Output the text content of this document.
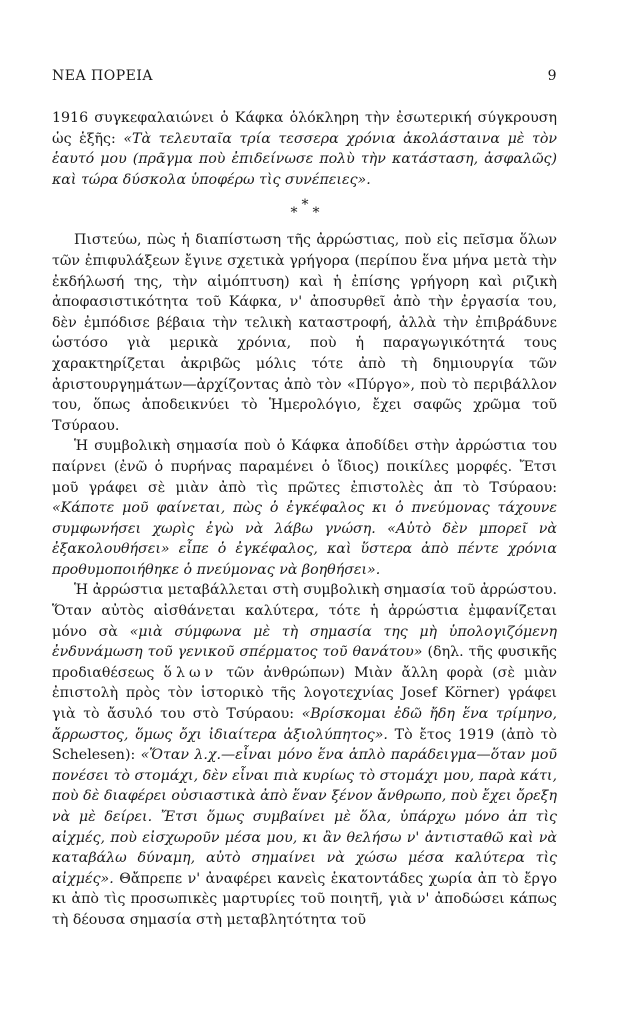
ΝΕΑ ΠΟΡΕΙΑ	9

1916 συγκεφαλαιώνει ὁ Κάφκα ὁλόκληρη τὴν ἐσωτερική σύγκρουση ὡς ἑξῆς: «Τὰ τελευταῖα τρία τεσσερα χρόνια ἀκολάσταινα μὲ τὸν ἑαυτό μου (πρᾶγμα ποὺ ἐπιδείνωσε πολὺ τὴν κατάσταση, ἀσφαλῶς) καὶ τώρα δύσκολα ὑποφέρω τὶς συνέπειες».

* * *

Πιστεύω, πὼς ἡ διαπίστωση τῆς ἀρρώστιας, ποὺ εἰς πεῖσμα ὅλων τῶν ἐπιφυλάξεων ἔγινε σχετικὰ γρήγορα (περίπου ἕνα μήνα μετὰ τὴν ἐκδήλωσή της, τὴν αἱμόπτυση) καὶ ἡ ἐπίσης γρήγορη καὶ ριζικὴ ἀποφασιστικότητα τοῦ Κάφκα, ν' ἀποσυρθεῖ ἀπὸ τὴν ἐργασία του, δὲν ἐμπόδισε βέβαια τὴν τελικὴ καταστροφή, ἀλλὰ τὴν ἐπιβράδυνε ὡστόσο γιὰ μερικὰ χρόνια, ποὺ ἡ παραγωγικότητά τους χαρακτηρίζεται ἀκριβῶς μόλις τότε ἀπὸ τὴ δημιουργία τῶν ἀριστουργημάτων—ἀρχίζοντας ἀπὸ τὸν «Πύργο», ποὺ τὸ περιβάλλον του, ὅπως ἀποδεικνύει τὸ Ἡμερολόγιο, ἔχει σαφῶς χρῶμα τοῦ Τσύραου.

Ἡ συμβολικὴ σημασία ποὺ ὁ Κάφκα ἀποδίδει στὴν ἀρρώστια του παίρνει (ἐνῶ ὁ πυρήνας παραμένει ὁ ἴδιος) ποικίλες μορφές. Ἔτσι μοῦ γράφει σὲ μιὰν ἀπὸ τὶς πρῶτες ἐπιστολὲς ἀπ τὸ Τσύραου: «Κάποτε μοῦ φαίνεται, πὼς ὁ ἐγκέφαλος κι ὁ πνεύμονας τάχουνε συμφωνήσει χωρὶς ἐγὼ νὰ λάβω γνώση. «Αὐτὸ δὲν μπορεῖ νὰ ἐξακολουθήσει» εἶπε ὁ ἐγκέφαλος, καὶ ὕστερα ἀπὸ πέντε χρόνια προθυμοποιήθηκε ὁ πνεύμονας νὰ βοηθήσει».

Ἡ ἀρρώστια μεταβάλλεται στὴ συμβολικὴ σημασία τοῦ ἀρρώστου. Ὅταν αὐτὸς αἰσθάνεται καλύτερα, τότε ἡ ἀρρώστια ἐμφανίζεται μόνο σὰ «μιὰ σύμφωνα μὲ τὴ σημασία της μὴ ὑπολογιζόμενη ἐνδυνάμωση τοῦ γενικοῦ σπέρματος τοῦ θανάτου» (δηλ. τῆς φυσικῆς προδιαθέσεως ὅλων τῶν ἀνθρώπων) Μιὰν ἄλλη φορὰ (σὲ μιὰν ἐπιστολὴ πρὸς τὸν ἱστορικὸ τῆς λογοτεχνίας Josef Körner) γράφει γιὰ τὸ ἄσυλό του στὸ Τσύραου: «Βρίσκομαι ἐδῶ ἤδη ἕνα τρίμηνο, ἄρρωστος, ὅμως ὄχι ἰδιαίτερα ἀξιολύπητος». Τὸ ἔτος 1919 (ἀπὸ τὸ Schelesen): «Ὅταν λ.χ.—εἶναι μόνο ἕνα ἁπλὸ παράδειγμα—ὅταν μοῦ πονέσει τὸ στομάχι, δὲν εἶναι πιὰ κυρίως τὸ στομάχι μου, παρὰ κάτι, ποὺ δὲ διαφέρει οὐσιαστικὰ ἀπὸ ἕναν ξένον ἄνθρωπο, ποὺ ἔχει ὄρεξη νὰ μὲ δείρει. Ἔτσι ὅμως συμβαίνει μὲ ὅλα, ὑπάρχω μόνο ἀπ τὶς αἰχμές, ποὺ εἰσχωροῦν μέσα μου, κι ἂν θελήσω ν' ἀντισταθῶ καὶ νὰ καταβάλω δύναμη, αὐτὸ σημαίνει νὰ χώσω μέσα καλύτερα τὶς αἰχμές». Θἄπρεπε ν' ἀναφέρει κανεὶς ἑκατοντάδες χωρία ἀπ τὸ ἔργο κι ἀπὸ τὶς προσωπικὲς μαρτυρίες τοῦ ποιητῆ, γιὰ ν' ἀποδώσει κάπως τὴ δέουσα σημασία στὴ μεταβλητότητα τοῦ
